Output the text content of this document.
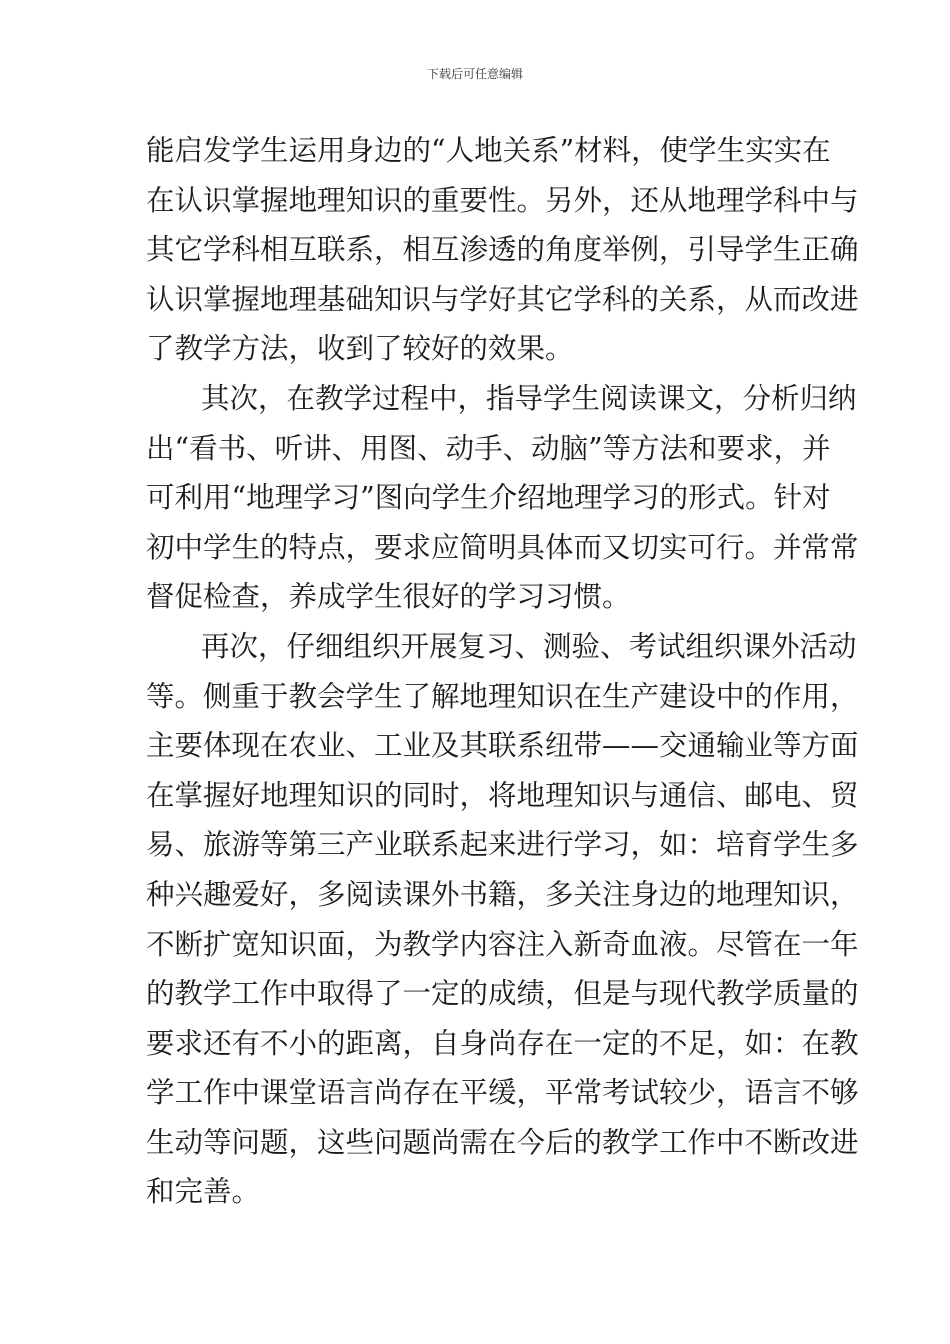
下载后可任意编辑
能启发学生运用身边的“人地关系”材料，使学生实实在
在认识掌握地理知识的重要性。另外，还从地理学科中与
其它学科相互联系，相互渗透的角度举例，引导学生正确
认识掌握地理基础知识与学好其它学科的关系，从而改进
了教学方法，收到了较好的效果。
其次，在教学过程中，指导学生阅读课文，分析归纳
出“看书、听讲、用图、动手、动脑”等方法和要求，并
可利用“地理学习”图向学生介绍地理学习的形式。针对
初中学生的特点，要求应简明具体而又切实可行。并常常
督促检查，养成学生很好的学习习惯。
再次，仔细组织开展复习、测验、考试组织课外活动
等。侧重于教会学生了解地理知识在生产建设中的作用，
主要体现在农业、工业及其联系纽带——交通输业等方面
在掌握好地理知识的同时，将地理知识与通信、邮电、贸
易、旅游等第三产业联系起来进行学习，如：培育学生多
种兴趣爱好，多阅读课外书籍，多关注身边的地理知识，
不断扩宽知识面，为教学内容注入新奇血液。尽管在一年
的教学工作中取得了一定的成绩，但是与现代教学质量的
要求还有不小的距离，自身尚存在一定的不足，如：在教
学工作中课堂语言尚存在平缓，平常考试较少，语言不够
生动等问题，这些问题尚需在今后的教学工作中不断改进
和完善。
